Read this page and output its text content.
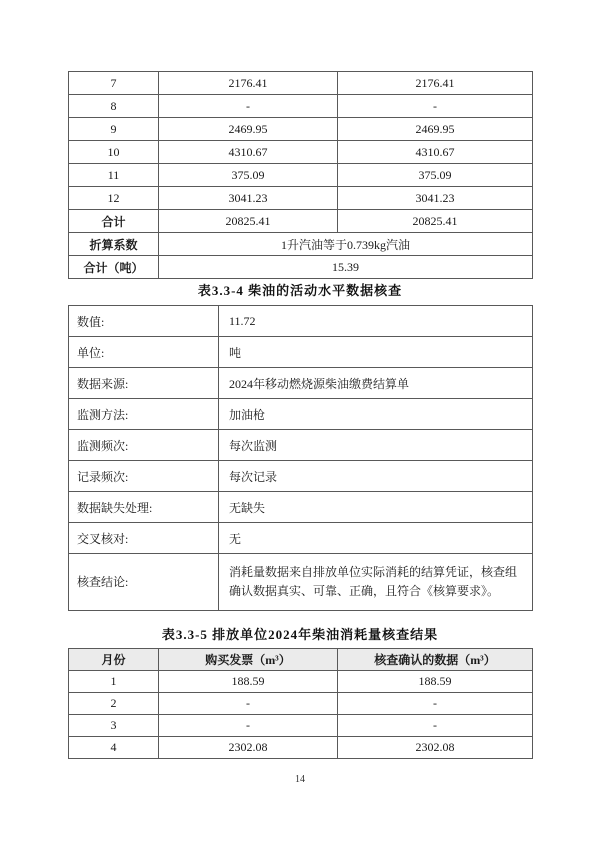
7	2176.41	2176.41
8	-	-
9	2469.95	2469.95
10	4310.67	4310.67
11	375.09	375.09
12	3041.23	3041.23
合计	20825.41	20825.41
折算系数	1升汽油等于0.739kg汽油	
合计（吨）	15.39	
表3.3-4 柴油的活动水平数据核查
数值:	11.72
单位:	吨
数据来源:	2024年移动燃烧源柴油缴费结算单
监测方法:	加油枪
监测频次:	每次监测
记录频次:	每次记录
数据缺失处理:	无缺失
交叉核对:	无
核查结论:	消耗量数据来自排放单位实际消耗的结算凭证，核查组确认数据真实、可靠、正确，且符合《核算要求》。
表3.3-5 排放单位2024年柴油消耗量核查结果
月份	购买发票（m³）	核查确认的数据（m³）
1	188.59	188.59
2	-	-
3	-	-
4	2302.08	2302.08
14
